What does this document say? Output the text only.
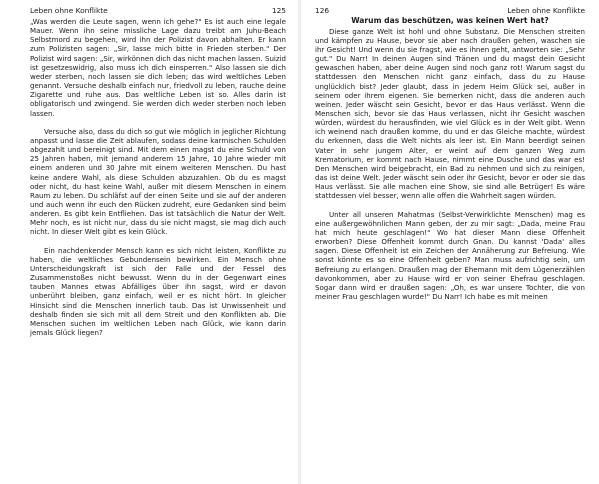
Leben ohne Konflikte	125

„Was werden die Leute sagen, wenn ich gehe?" Es ist auch eine legale Mauer. Wenn ihn seine missliche Lage dazu treibt am Juhu-Beach Selbstmord zu begehen, wird ihn der Polizist davon abhalten. Er kann zum Polizisten sagen: „Sir, lasse mich bitte in Frieden sterben." Der Polizist wird sagen: „Sir, wirkönnen dich das nicht machen lassen. Suizid ist gesetzeswidrig, also muss ich dich einsperren." Also lassen sie dich weder sterben, noch lassen sie dich leben; das wird weltliches Leben genannt. Versuche deshalb einfach nur, friedvoll zu leben, rauche deine Zigarette und ruhe aus. Das weltliche Leben ist so. Alles darin ist obligatorisch und zwingend. Sie werden dich weder sterben noch leben lassen.

Versuche also, dass du dich so gut wie möglich in jeglicher Richtung anpasst und lasse die Zeit ablaufen, sodass deine karmischen Schulden abgezahlt und bereinigt sind. Mit dem einen magst du eine Schuld von 25 Jahren haben, mit jemand anderem 15 Jahre, 10 Jahre wieder mit einem anderen und 30 Jahre mit einem weiteren Menschen. Du hast keine andere Wahl, als diese Schulden abzuzahlen. Ob du es magst oder nicht, du hast keine Wahl, außer mit diesem Menschen in einem Raum zu leben. Du schläfst auf der einen Seite und sie auf der anderen und auch wenn ihr euch den Rücken zudreht, eure Gedanken sind beim anderen. Es gibt kein Entfliehen. Das ist tatsächlich die Natur der Welt. Mehr noch, es ist nicht nur, dass du sie nicht magst, sie mag dich auch nicht. In dieser Welt gibt es kein Glück.

Ein nachdenkender Mensch kann es sich nicht leisten, Konflikte zu haben, die weltliches Gebundensein bewirken. Ein Mensch ohne Unterscheidungskraft ist sich der Falle und der Fessel des Zusammenstoßes nicht bewusst. Wenn du in der Gegenwart eines tauben Mannes etwas Abfälliges über ihn sagst, wird er davon unberührt bleiben, ganz einfach, weil er es nicht hört. In gleicher Hinsicht sind die Menschen innerlich taub. Das ist Unwissenheit und deshalb finden sie sich mit all dem Streit und den Konflikten ab. Die Menschen suchen im weltlichen Leben nach Glück, wie kann darin jemals Glück liegen?

126	Leben ohne Konflikte
Warum das beschützen, was keinen Wert hat?

Diese ganze Welt ist hohl und ohne Substanz. Die Menschen streiten und kämpfen zu Hause, bevor sie aber nach draußen gehen, waschen sie ihr Gesicht! Und wenn du sie fragst, wie es ihnen geht, antworten sie: „Sehr gut." Du Narr! In deinen Augen sind Tränen und du magst dein Gesicht gewaschen haben, aber deine Augen sind noch ganz rot! Warum sagst du stattdessen den Menschen nicht ganz einfach, dass du zu Hause unglücklich bist? Jeder glaubt, dass in jedem Heim Glück sei, außer in seinem oder ihrem eigenen. Sie bemerken nicht, dass die anderen auch weinen. Jeder wäscht sein Gesicht, bevor er das Haus verlässt. Wenn die Menschen sich, bevor sie das Haus verlassen, nicht ihr Gesicht waschen würden, würdest du herausfinden, wie viel Glück es in der Welt gibt. Wenn ich weinend nach draußen komme, du und er das Gleiche machte, würdest du erkennen, dass die Welt nichts als leer ist. Ein Mann beerdigt seinen Vater in sehr jungem Alter, er weint auf dem ganzen Weg zum Krematorium, er kommt nach Hause, nimmt eine Dusche und das war es! Den Menschen wird beigebracht, ein Bad zu nehmen und sich zu reinigen, das ist deine Welt. Jeder wäscht sein oder ihr Gesicht, bevor er oder sie das Haus verlässt. Sie alle machen eine Show, sie sind alle Betrüger! Es wäre stattdessen viel besser, wenn alle offen die Wahrheit sagen würden.

Unter all unseren Mahatmas (Selbst-Verwirklichte Menschen) mag es eine außergewöhnlichen Mann geben, der zu mir sagt: „Dada, meine Frau hat mich heute geschlagen!" Wo hat dieser Mann diese Offenheit erworben? Diese Offenheit kommt durch Gnan. Du kannst 'Dada' alles sagen. Diese Offenheit ist ein Zeichen der Annäherung zur Befreiung. Wie sonst könnte es so eine Offenheit geben? Man muss aufrichtig sein, um Befreiung zu erlangen. Draußen mag der Ehemann mit dem Lügenerzählen davonkommen, aber zu Hause wird er von seiner Ehefrau geschlagen. Sogar dann wird er draußen sagen: „Oh, es war unsere Tochter, die von meiner Frau geschlagen wurde!" Du Narr! Ich habe es mit meinen
